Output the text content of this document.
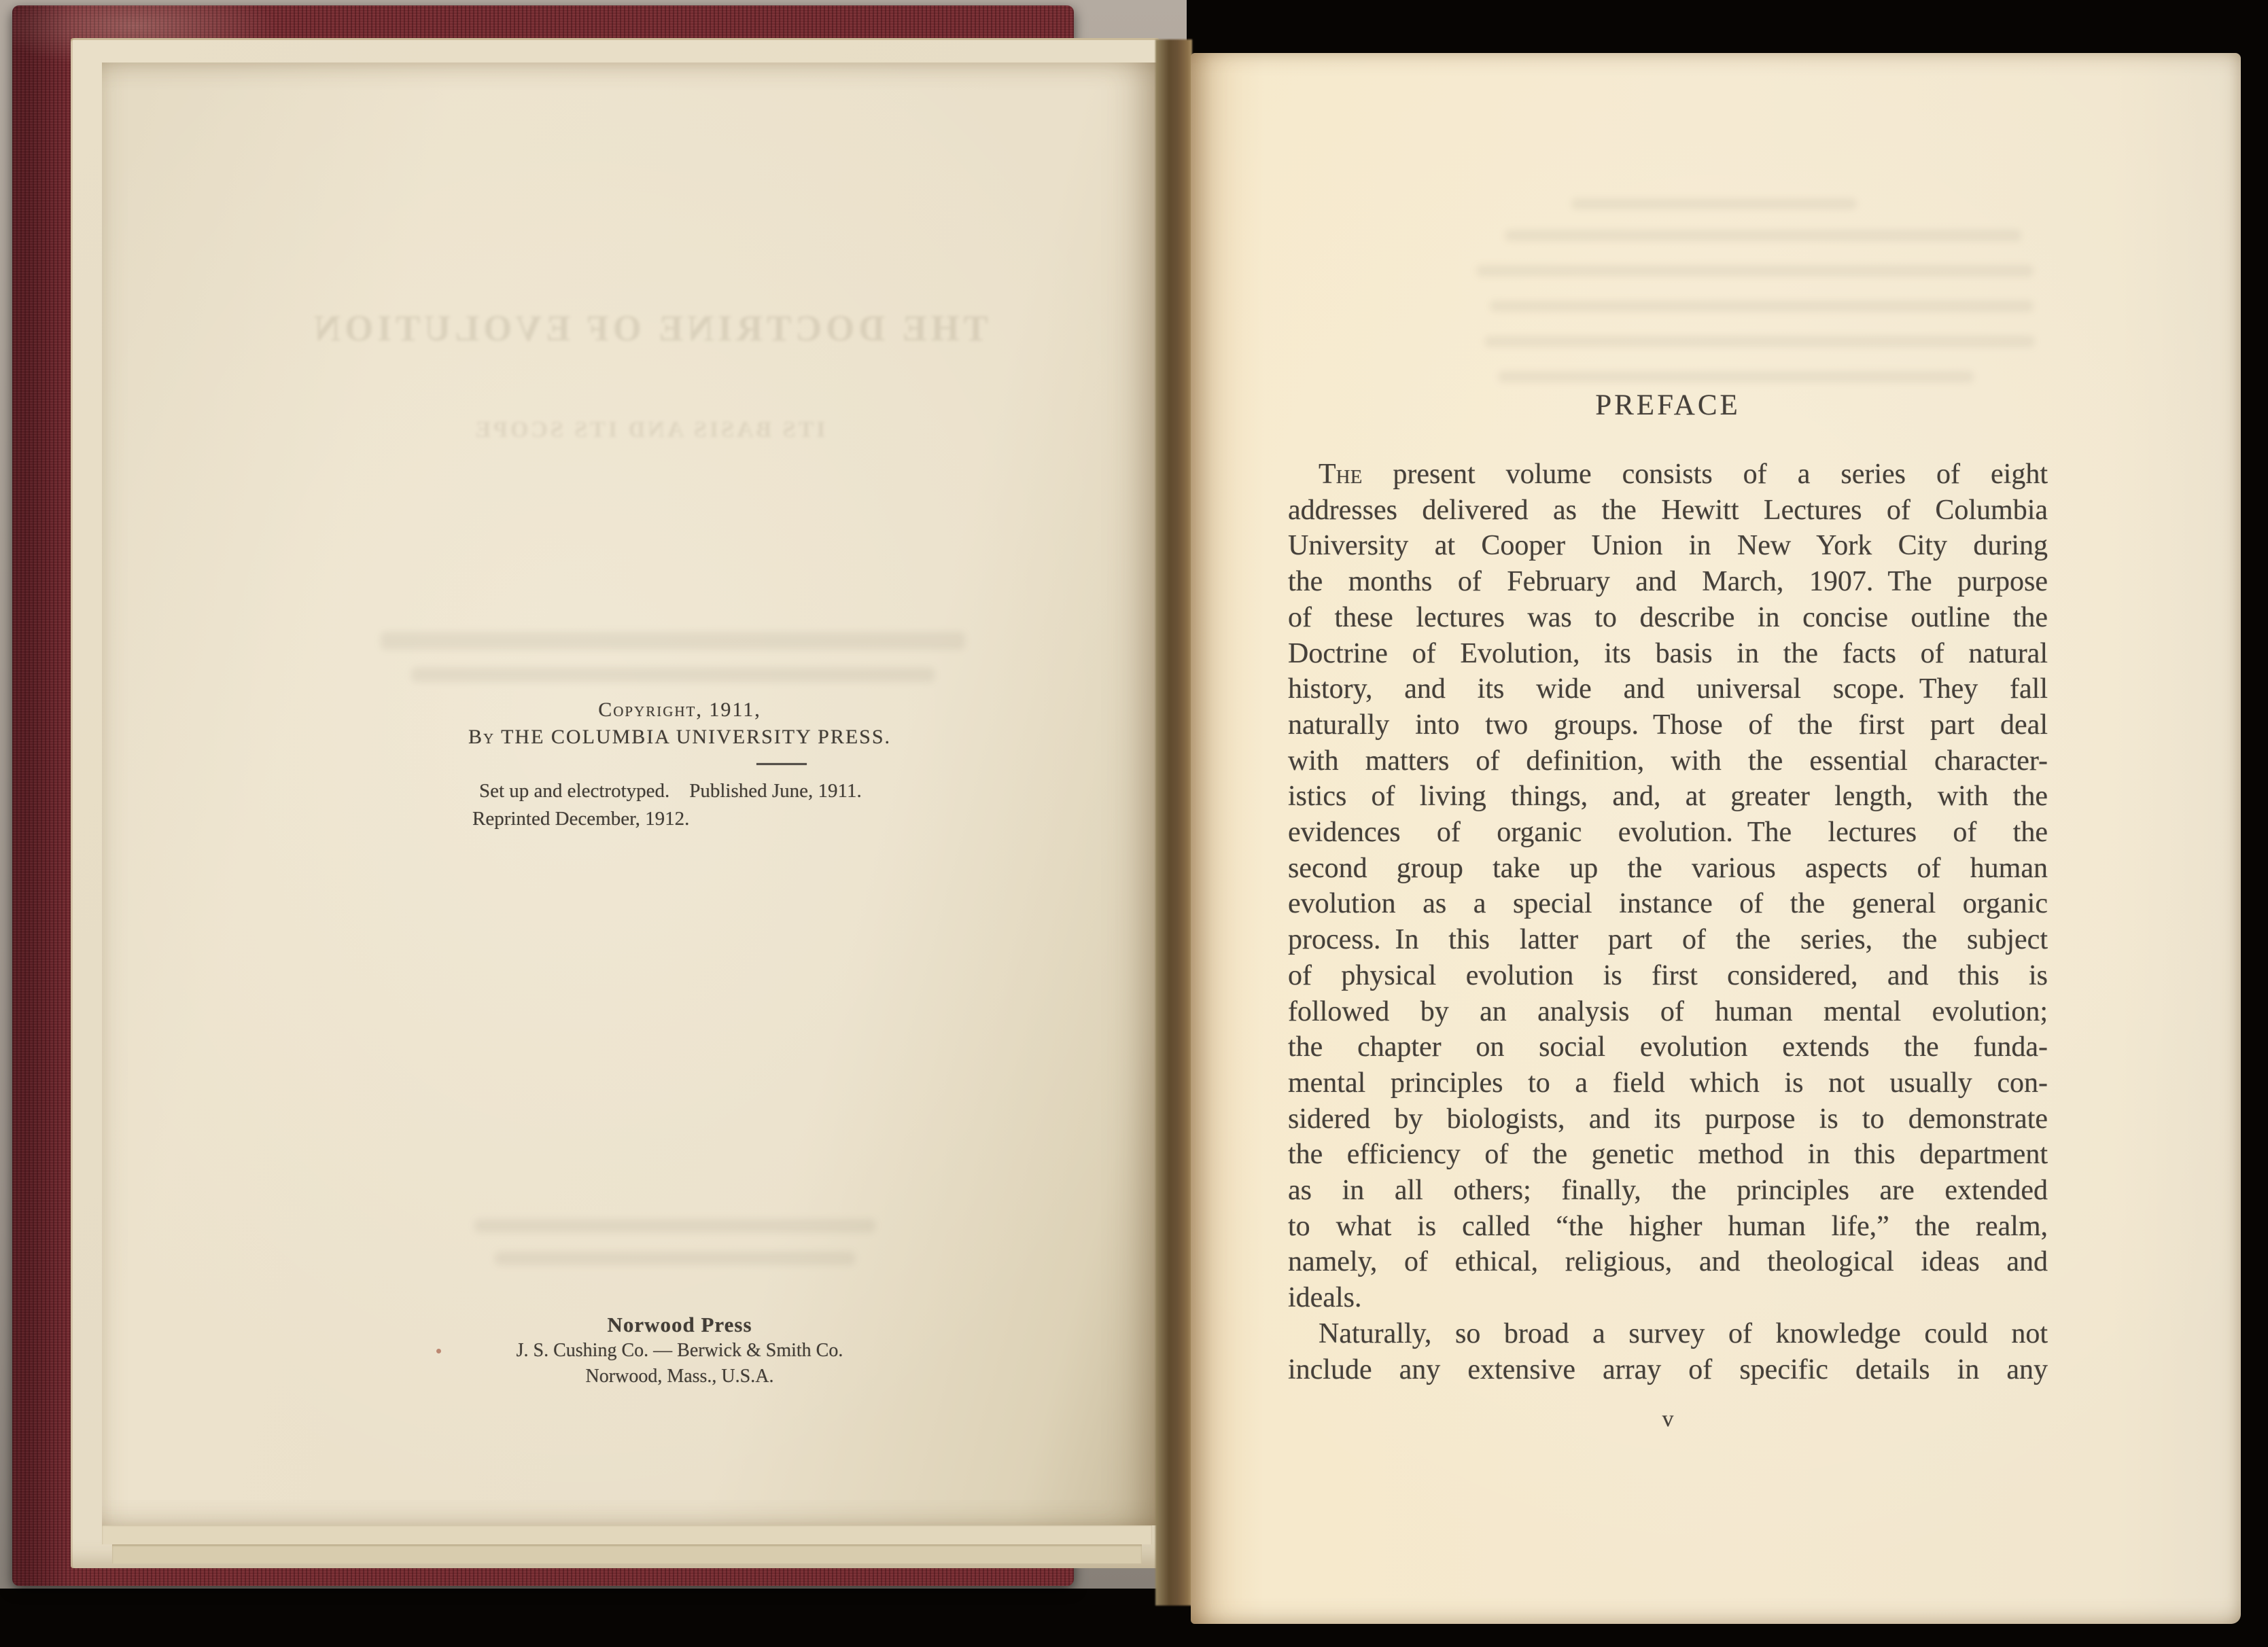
THE DOCTRINE OF EVOLUTION
ITS BASIS AND ITS SCOPE
Copyright, 1911,
By THE COLUMBIA UNIVERSITY PRESS.
Set up and electrotyped. Published June, 1911.
Reprinted December, 1912.
Norwood Press
J. S. Cushing Co. — Berwick & Smith Co.
Norwood, Mass., U.S.A.
PREFACE
The present volume consists of a series of eight
addresses delivered as the Hewitt Lectures of Columbia
University at Cooper Union in New York City during
the months of February and March, 1907. The purpose
of these lectures was to describe in concise outline the
Doctrine of Evolution, its basis in the facts of natural
history, and its wide and universal scope. They fall
naturally into two groups. Those of the first part deal
with matters of definition, with the essential character-
istics of living things, and, at greater length, with the
evidences of organic evolution. The lectures of the
second group take up the various aspects of human
evolution as a special instance of the general organic
process. In this latter part of the series, the subject
of physical evolution is first considered, and this is
followed by an analysis of human mental evolution;
the chapter on social evolution extends the funda-
mental principles to a field which is not usually con-
sidered by biologists, and its purpose is to demonstrate
the efficiency of the genetic method in this department
as in all others; finally, the principles are extended
to what is called “the higher human life,” the realm,
namely, of ethical, religious, and theological ideas and
ideals.
Naturally, so broad a survey of knowledge could not
include any extensive array of specific details in any
v
